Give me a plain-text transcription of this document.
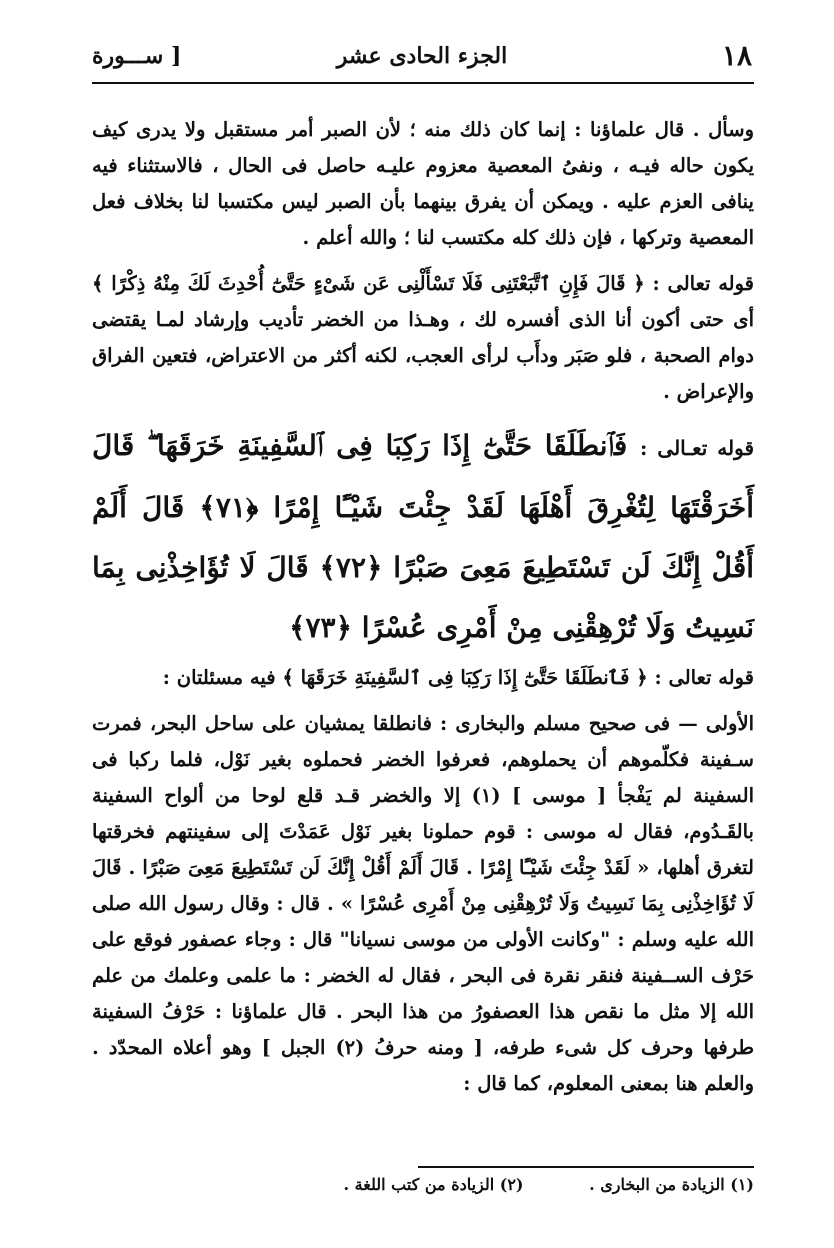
١٨
الجزء الحادى عشر
[ ســـورة

وسأل . قال علماؤنا : إنما كان ذلك منه ؛ لأن الصبر أمر مستقبل ولا يدرى كيف يكون حاله فيـه ، ونفىُ المعصية معزوم عليـه حاصل فى الحال ، فالاستثناء فيه ينافى العزم عليه . ويمكن أن يفرق بينهما بأن الصبر ليس مكتسبا لنا بخلاف فعل المعصية وتركها ، فإن ذلك كله مكتسب لنا ؛ والله أعلم .

قوله تعالى : ﴿ قَالَ فَإِنِ ٱتَّبَعْتَنِى فَلَا تَسْأَلْنِى عَن شَىْءٍ حَتَّىٰٓ أُحْدِثَ لَكَ مِنْهُ ذِكْرًا ﴾ أى حتى أكون أنا الذى أفسره لك ، وهـذا من الخضر تأديب وإرشاد لمـا يقتضى دوام الصحبة ، فلو صَبَر ودأَب لرأى العجب، لكنه أكثر من الاعتراض، فتعين الفراق والإعراض .

قوله تعـالى : فَٱنطَلَقَا حَتَّىٰٓ إِذَا رَكِبَا فِى ٱلسَّفِينَةِ خَرَقَهَا ۖ قَالَ أَخَرَقْتَهَا لِتُغْرِقَ أَهْلَهَا لَقَدْ جِئْتَ شَيْـًٔا إِمْرًا ﴿٧١﴾ قَالَ أَلَمْ أَقُلْ إِنَّكَ لَن تَسْتَطِيعَ مَعِىَ صَبْرًا ﴿٧٢﴾ قَالَ لَا تُؤَاخِذْنِى بِمَا نَسِيتُ وَلَا تُرْهِقْنِى مِنْ أَمْرِى عُسْرًا ﴿٧٣﴾

قوله تعالى : ﴿ فَٱنطَلَقَا حَتَّىٰٓ إِذَا رَكِبَا فِى ٱلسَّفِينَةِ خَرَقَهَا ﴾ فيه مسئلتان :

الأولى — فى صحيح مسلم والبخارى : فانطلقا يمشيان على ساحل البحر، فمرت سـفينة فكلّموهم أن يحملوهم، فعرفوا الخضر فحملوه بغير نَوْل، فلما ركبا فى السفينة لم يَفْجأ [ موسى ] (١) إلا والخضر قـد قلع لوحا من ألواح السفينة بالقَـدُوم، فقال له موسى : قوم حملونا بغير نَوْل عَمَدْتَ إلى سفينتهم فخرقتها لتغرق أهلها، « لَقَدْ جِئْتَ شَيْـًٔا إِمْرًا . قَالَ أَلَمْ أَقُلْ إِنَّكَ لَن تَسْتَطِيعَ مَعِىَ صَبْرًا . قَالَ لَا تُؤَاخِذْنِى بِمَا نَسِيتُ وَلَا تُرْهِقْنِى مِنْ أَمْرِى عُسْرًا » . قال : وقال رسول الله صلى الله عليه وسلم : "وكانت الأولى من موسى نسيانا" قال : وجاء عصفور فوقع على حَرْف الســفينة فنقر نقرة فى البحر ، فقال له الخضر : ما علمى وعلمك من علم الله إلا مثل ما نقص هذا العصفورُ من هذا البحر . قال علماؤنا : حَرْفُ السفينة طرفها وحرف كل شىء طرفه، [ ومنه حرفُ (٢) الجبل ] وهو أعلاه المحدّد . والعلم هنا بمعنى المعلوم، كما قال :

(١) الزيادة من البخارى . (٢) الزيادة من كتب اللغة .
